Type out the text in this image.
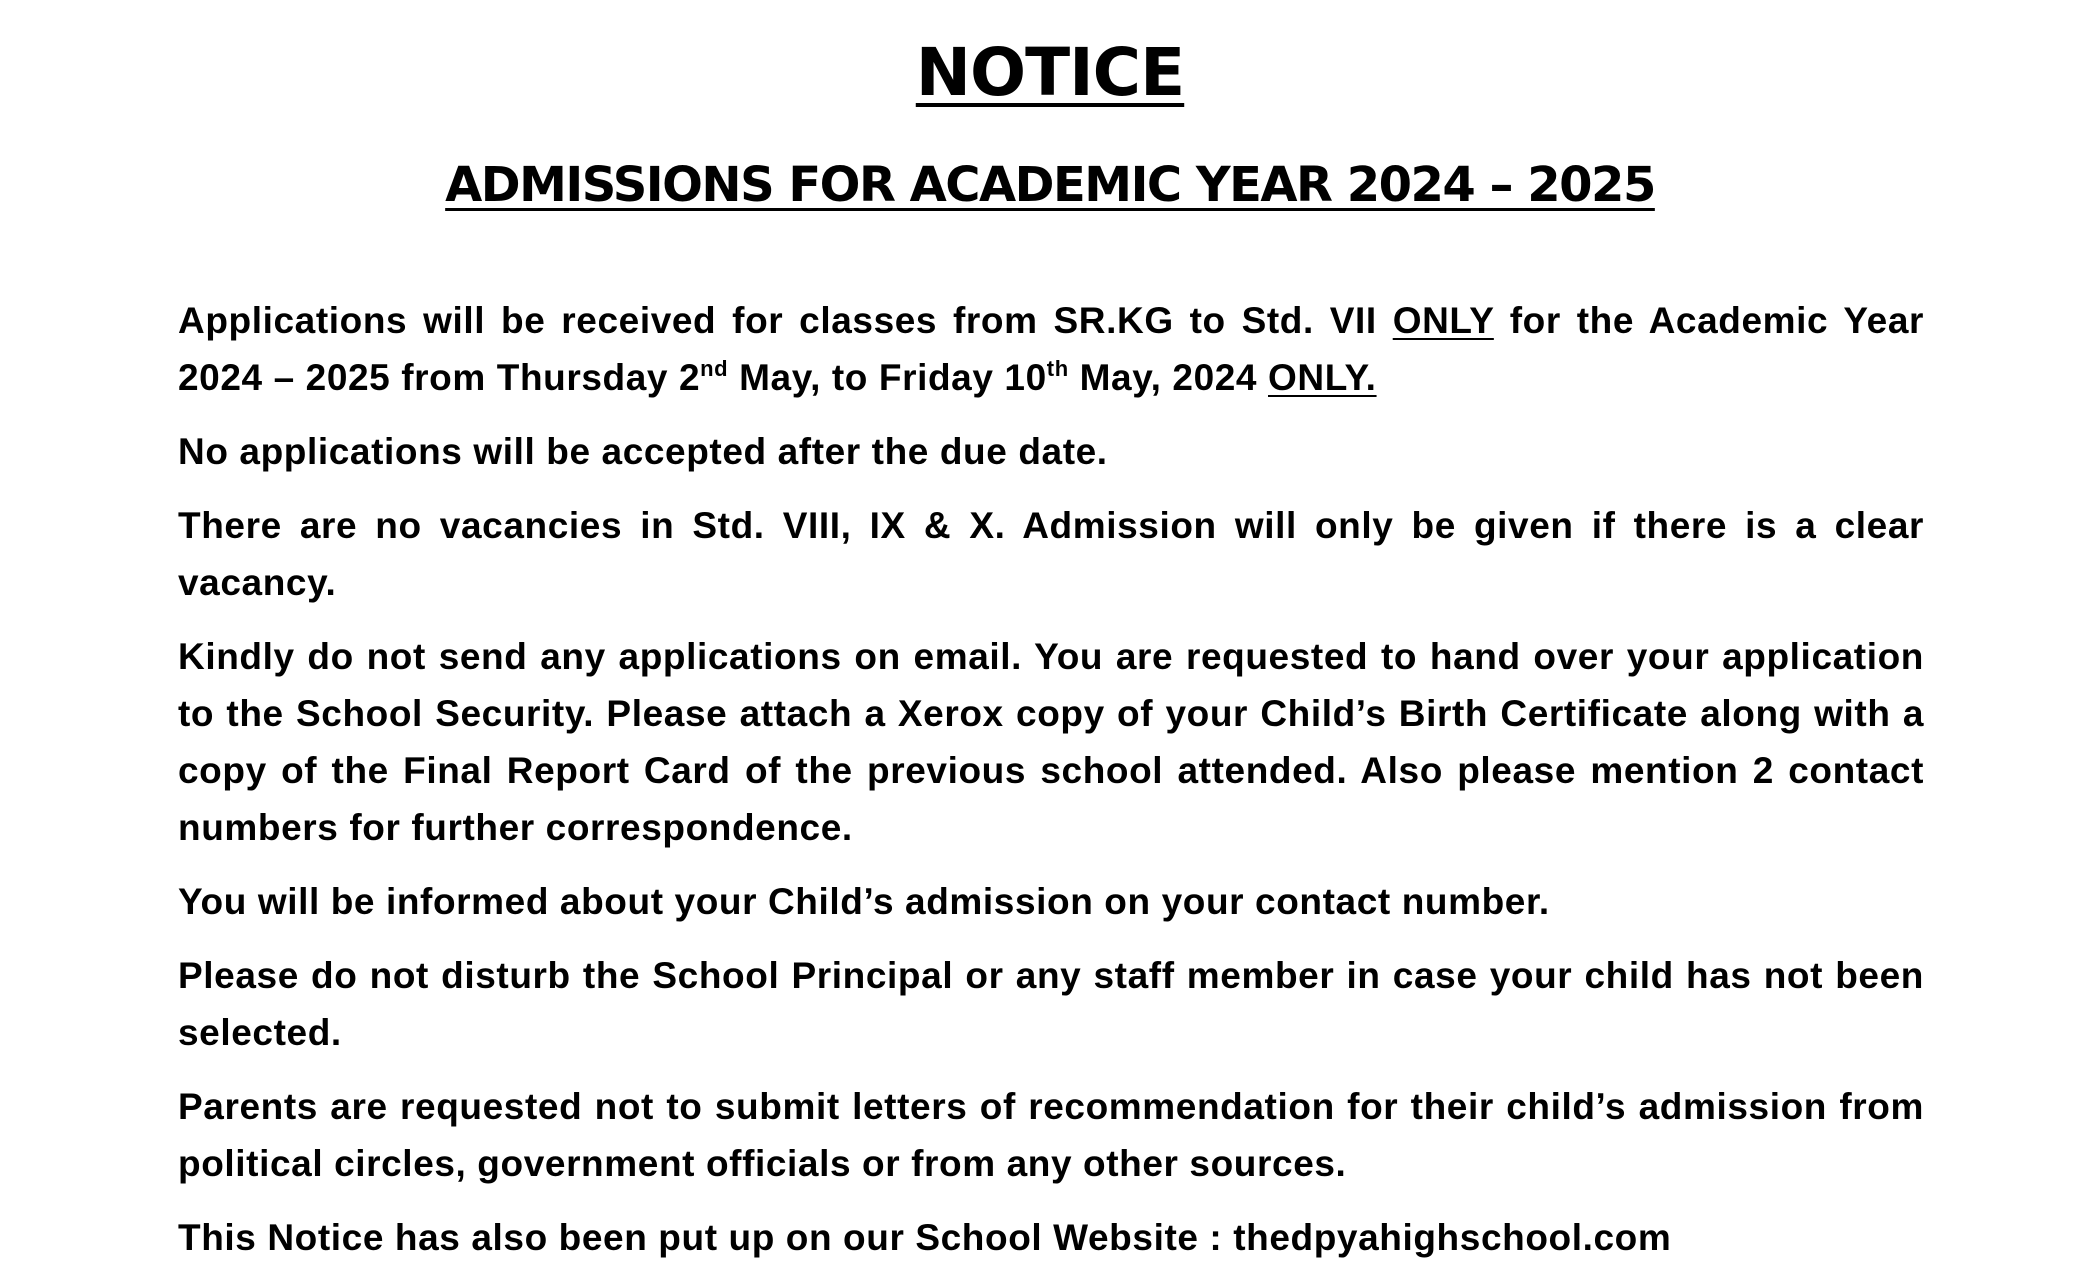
NOTICE
ADMISSIONS FOR ACADEMIC YEAR 2024 – 2025

Applications will be received for classes from SR.KG to Std. VII ONLY for the Academic Year 2024 – 2025 from Thursday 2nd May, to Friday 10th May, 2024 ONLY.

No applications will be accepted after the due date.

There are no vacancies in Std. VIII, IX & X. Admission will only be given if there is a clear vacancy.

Kindly do not send any applications on email. You are requested to hand over your application to the School Security. Please attach a Xerox copy of your Child’s Birth Certificate along with a copy of the Final Report Card of the previous school attended. Also please mention 2 contact numbers for further correspondence.

You will be informed about your Child’s admission on your contact number.

Please do not disturb the School Principal or any staff member in case your child has not been selected.

Parents are requested not to submit letters of recommendation for their child’s admission from political circles, government officials or from any other sources.

This Notice has also been put up on our School Website : thedpyahighschool.com
